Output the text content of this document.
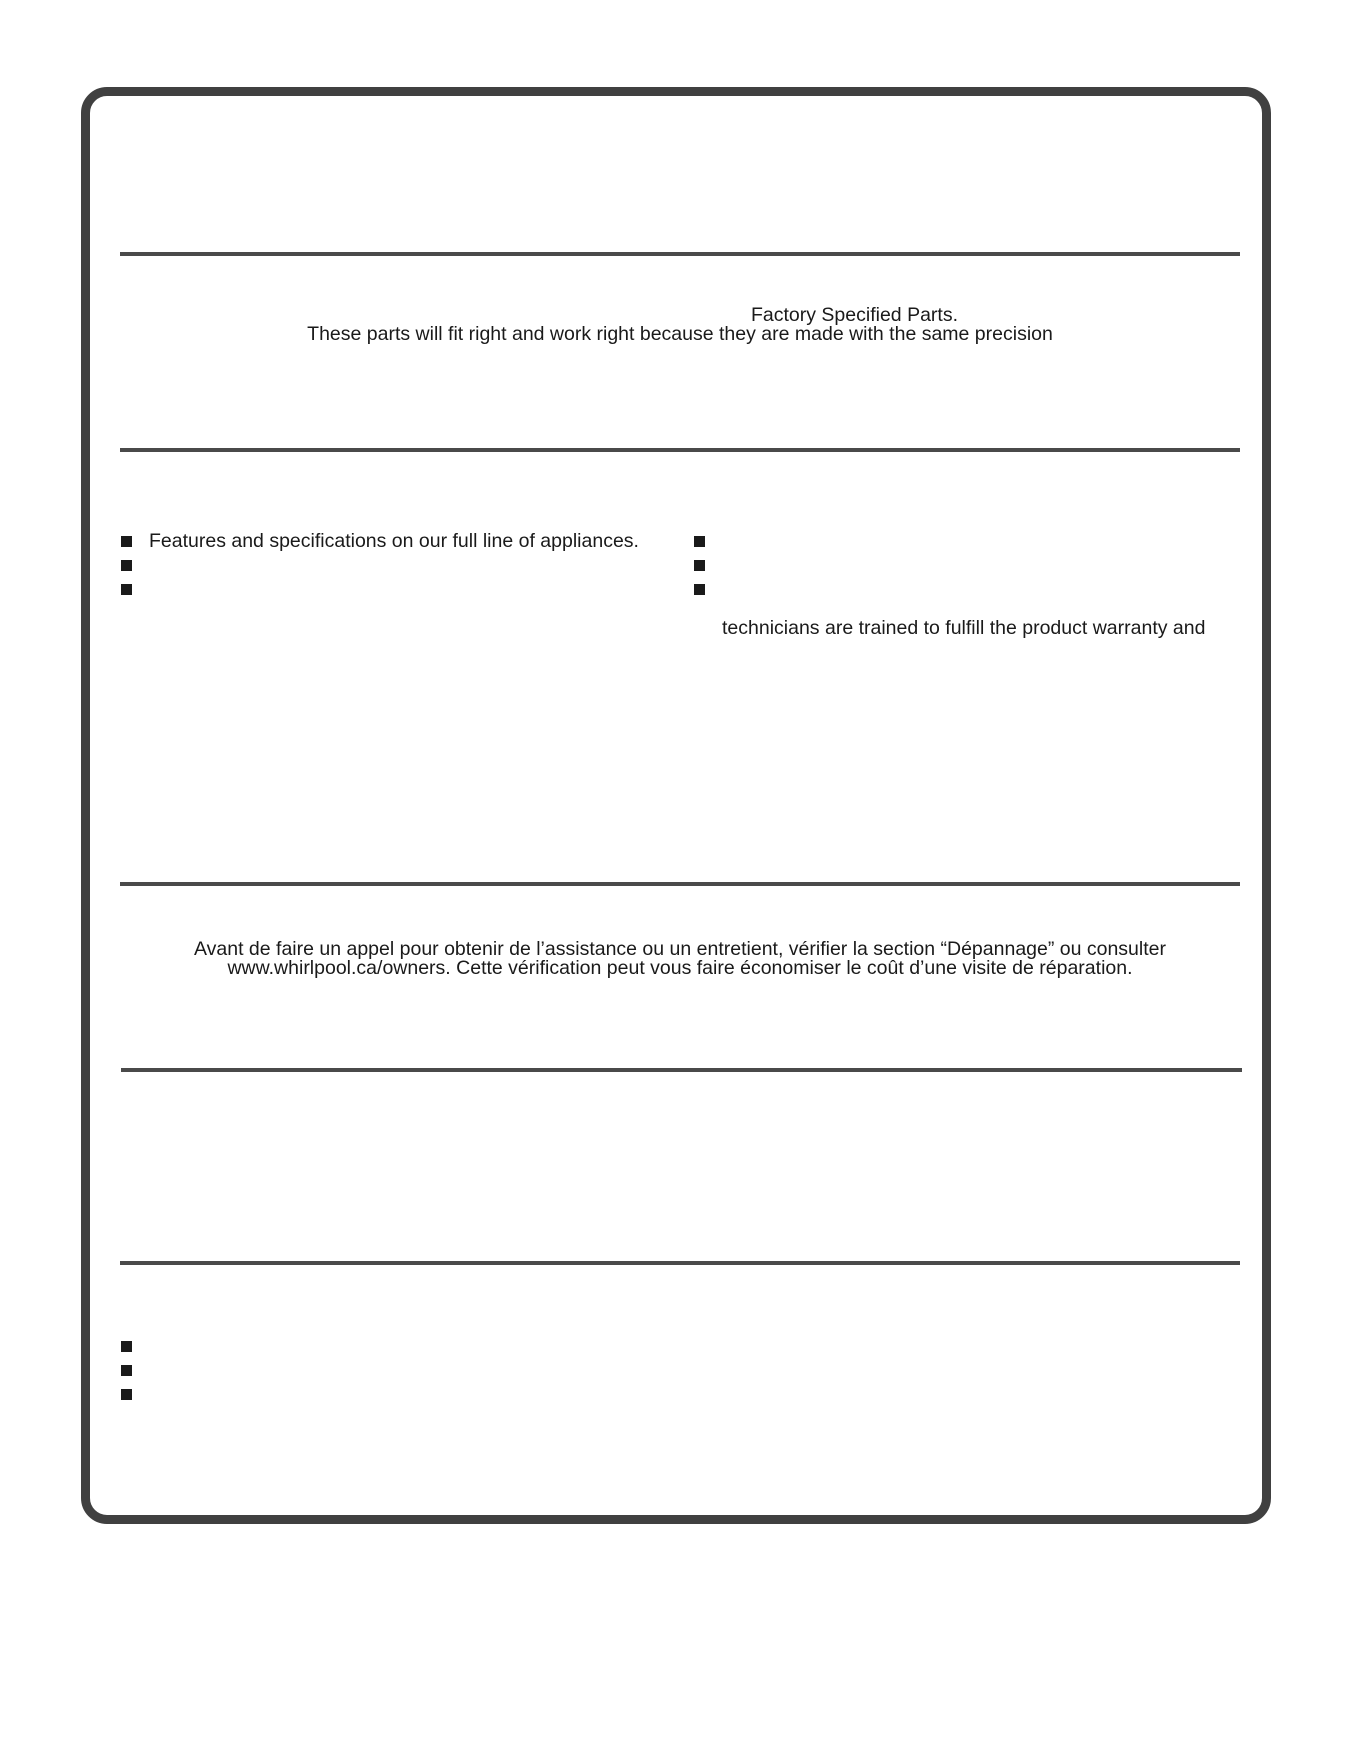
Factory Specified Parts.
These parts will fit right and work right because they are made with the same precision
Features and specifications on our full line of appliances.
technicians are trained to fulfill the product warranty and
Avant de faire un appel pour obtenir de l’assistance ou un entretient, vérifier la section “Dépannage” ou consulter
www.whirlpool.ca/owners. Cette vérification peut vous faire économiser le coût d’une visite de réparation.
